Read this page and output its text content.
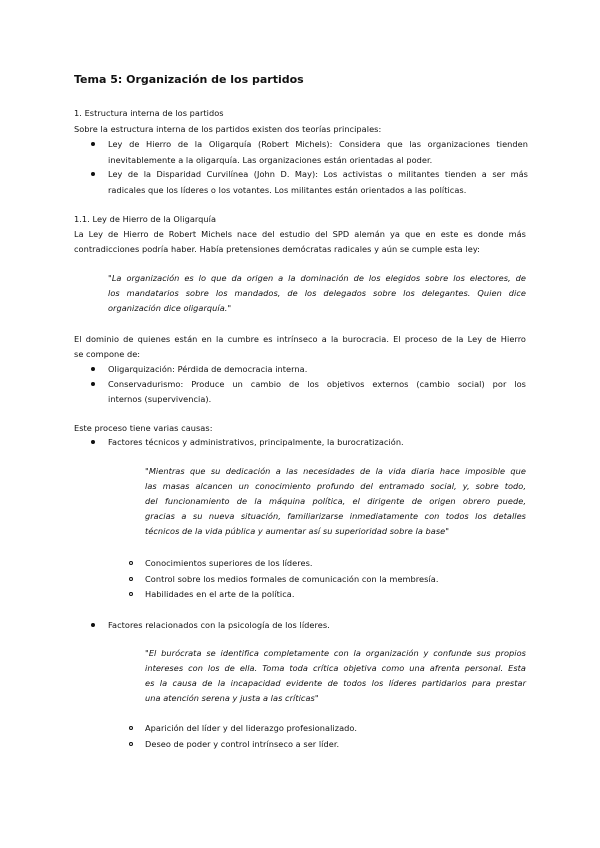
Tema 5: Organización de los partidos

1. Estructura interna de los partidos

Sobre la estructura interna de los partidos existen dos teorías principales:

Ley de Hierro de la Oligarquía (Robert Michels): Considera que las organizaciones tienden

inevitablemente a la oligarquía. Las organizaciones están orientadas al poder.

Ley de la Disparidad Curvilínea (John D. May): Los activistas o militantes tienden a ser más

radicales que los líderes o los votantes. Los militantes están orientados a las políticas.

1.1. Ley de Hierro de la Oligarquía

La Ley de Hierro de Robert Michels nace del estudio del SPD alemán ya que en este es donde más

contradicciones podría haber. Había pretensiones demócratas radicales y aún se cumple esta ley:

"La organización es lo que da origen a la dominación de los elegidos sobre los electores, de

los mandatarios sobre los mandados, de los delegados sobre los delegantes. Quien dice

organización dice oligarquía."

El dominio de quienes están en la cumbre es intrínseco a la burocracia. El proceso de la Ley de Hierro

se compone de:

Oligarquización: Pérdida de democracia interna.

Conservadurismo: Produce un cambio de los objetivos externos (cambio social) por los

internos (supervivencia).

Este proceso tiene varias causas:

Factores técnicos y administrativos, principalmente, la burocratización.

"Mientras que su dedicación a las necesidades de la vida diaria hace imposible que

las masas alcancen un conocimiento profundo del entramado social, y, sobre todo,

del funcionamiento de la máquina política, el dirigente de origen obrero puede,

gracias a su nueva situación, familiarizarse inmediatamente con todos los detalles

técnicos de la vida pública y aumentar así su superioridad sobre la base"

Conocimientos superiores de los líderes.

Control sobre los medios formales de comunicación con la membresía.

Habilidades en el arte de la política.

Factores relacionados con la psicología de los líderes.

"El burócrata se identifica completamente con la organización y confunde sus propios

intereses con los de ella. Toma toda crítica objetiva como una afrenta personal. Esta

es la causa de la incapacidad evidente de todos los líderes partidarios para prestar

una atención serena y justa a las críticas"

Aparición del líder y del liderazgo profesionalizado.

Deseo de poder y control intrínseco a ser líder.
